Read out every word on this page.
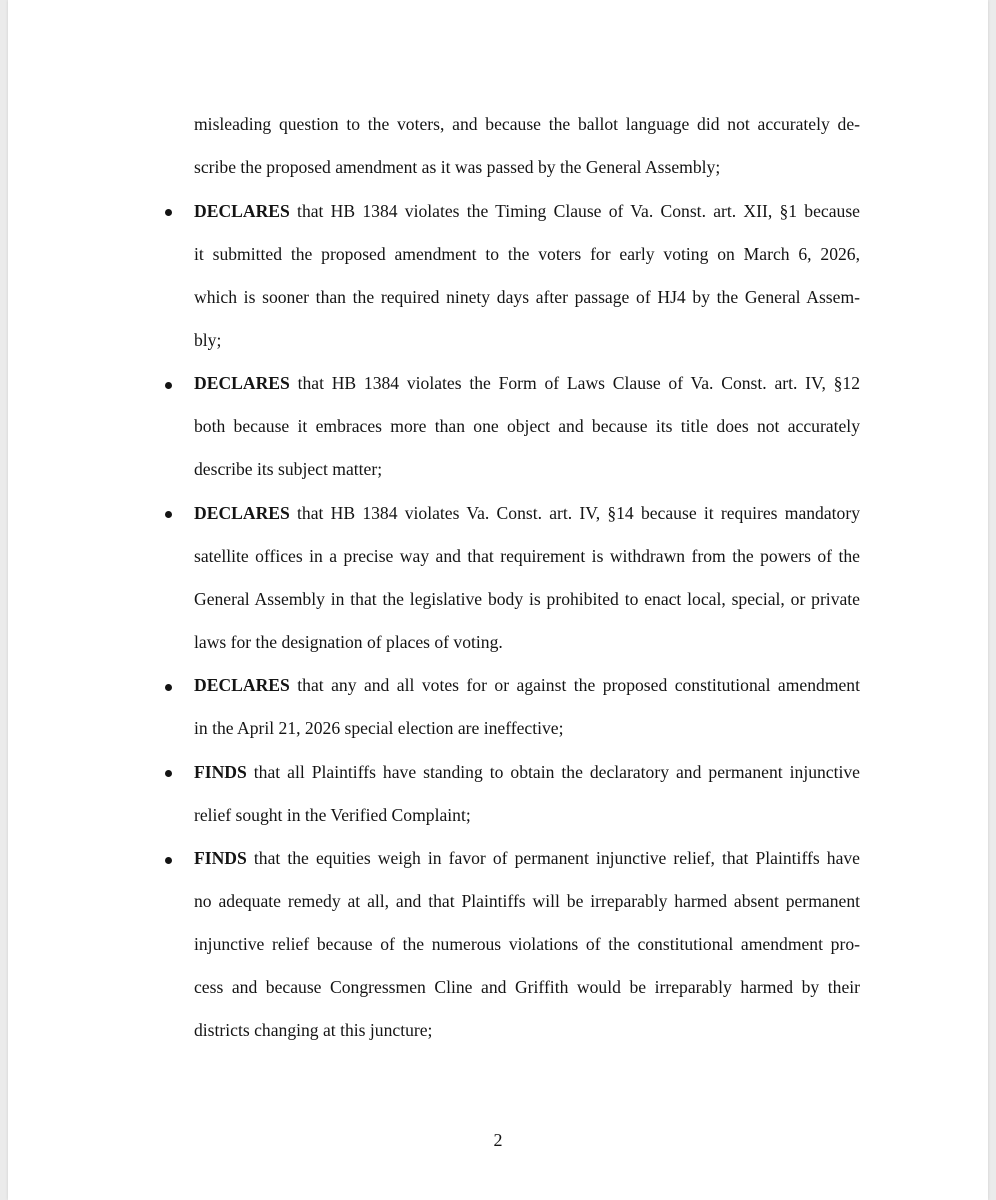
misleading question to the voters, and because the ballot language did not accurately de-
scribe the proposed amendment as it was passed by the General Assembly;
DECLARES that HB 1384 violates the Timing Clause of Va. Const. art. XII, §1 because
it submitted the proposed amendment to the voters for early voting on March 6, 2026,
which is sooner than the required ninety days after passage of HJ4 by the General Assem-
bly;
DECLARES that HB 1384 violates the Form of Laws Clause of Va. Const. art. IV, §12
both because it embraces more than one object and because its title does not accurately
describe its subject matter;
DECLARES that HB 1384 violates Va. Const. art. IV, §14 because it requires mandatory
satellite offices in a precise way and that requirement is withdrawn from the powers of the
General Assembly in that the legislative body is prohibited to enact local, special, or private
laws for the designation of places of voting.
DECLARES that any and all votes for or against the proposed constitutional amendment
in the April 21, 2026 special election are ineffective;
FINDS that all Plaintiffs have standing to obtain the declaratory and permanent injunctive
relief sought in the Verified Complaint;
FINDS that the equities weigh in favor of permanent injunctive relief, that Plaintiffs have
no adequate remedy at all, and that Plaintiffs will be irreparably harmed absent permanent
injunctive relief because of the numerous violations of the constitutional amendment pro-
cess and because Congressmen Cline and Griffith would be irreparably harmed by their
districts changing at this juncture;
2
